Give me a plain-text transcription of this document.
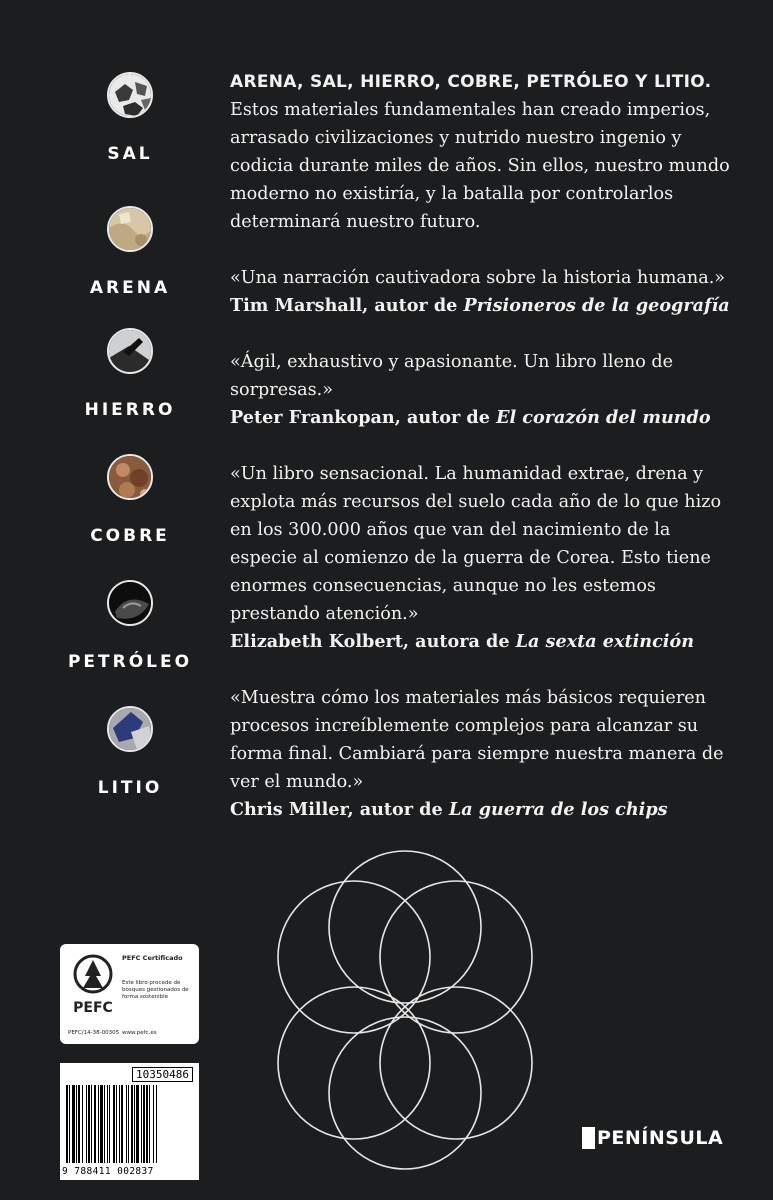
SAL
ARENA
HIERRO
COBRE
PETRÓLEO
LITIO

ARENA, SAL, HIERRO, COBRE, PETRÓLEO Y LITIO.

Estos materiales fundamentales han creado imperios, arrasado civilizaciones y nutrido nuestro ingenio y codicia durante miles de años. Sin ellos, nuestro mundo moderno no existiría, y la batalla por controlarlos determinará nuestro futuro.

«Una narración cautivadora sobre la historia humana.»

Tim Marshall, autor de Prisioneros de la geografía

«Ágil, exhaustivo y apasionante. Un libro lleno de sorpresas.»

Peter Frankopan, autor de El corazón del mundo

«Un libro sensacional. La humanidad extrae, drena y explota más recursos del suelo cada año de lo que hizo en los 300.000 años que van del nacimiento de la especie al comienzo de la guerra de Corea. Esto tiene enormes consecuencias, aunque no les estemos prestando atención.»

Elizabeth Kolbert, autora de La sexta extinción

«Muestra cómo los materiales más básicos requieren procesos increíblemente complejos para alcanzar su forma final. Cambiará para siempre nuestra manera de ver el mundo.»

Chris Miller, autor de La guerra de los chips

PEFC
PEFC Certificado
Este libro procede de bosques gestionados de forma sostenible
PEFC/14-38-00305 www.pefc.es
10350486
9 788411 002837
PENÍNSULA
